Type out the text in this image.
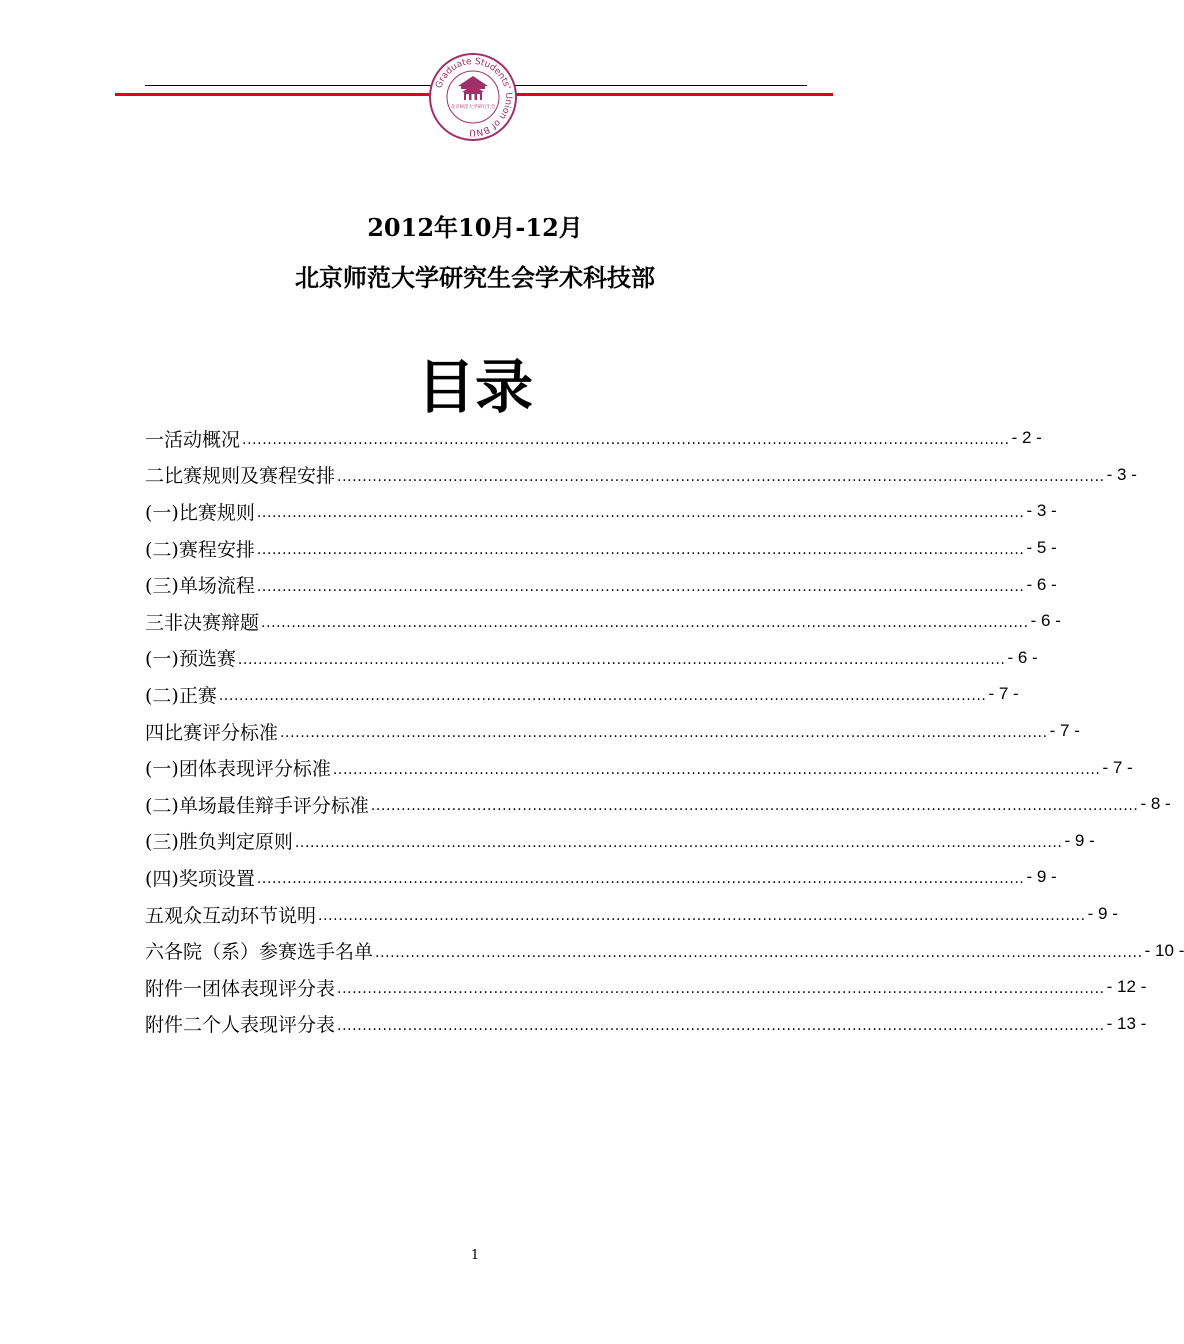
Graduate Students' Union of BNU
北京师范大学研究生会
2012年10月-12月
北京师范大学研究生会学术科技部
目录
一 活动概况 ........................................................................................................................................................ - 2 -
二 比赛规则及赛程安排 ........................................................................................................................................................ - 3 -
(一) 比赛规则 ........................................................................................................................................................ - 3 -
(二) 赛程安排 ........................................................................................................................................................ - 5 -
(三) 单场流程 ........................................................................................................................................................ - 6 -
三 非决赛辩题 ........................................................................................................................................................ - 6 -
(一) 预选赛 ........................................................................................................................................................ - 6 -
(二) 正赛 ........................................................................................................................................................ - 7 -
四 比赛评分标准 ........................................................................................................................................................ - 7 -
(一) 团体表现评分标准 ........................................................................................................................................................ - 7 -
(二) 单场最佳辩手评分标准 ........................................................................................................................................................ - 8 -
(三) 胜负判定原则 ........................................................................................................................................................ - 9 -
(四) 奖项设置 ........................................................................................................................................................ - 9 -
五 观众互动环节说明 ........................................................................................................................................................ - 9 -
六 各院（系）参赛选手名单 ........................................................................................................................................................ - 10 -
附件一 团体表现评分表 ........................................................................................................................................................ - 12 -
附件二 个人表现评分表 ........................................................................................................................................................ - 13 -
1
